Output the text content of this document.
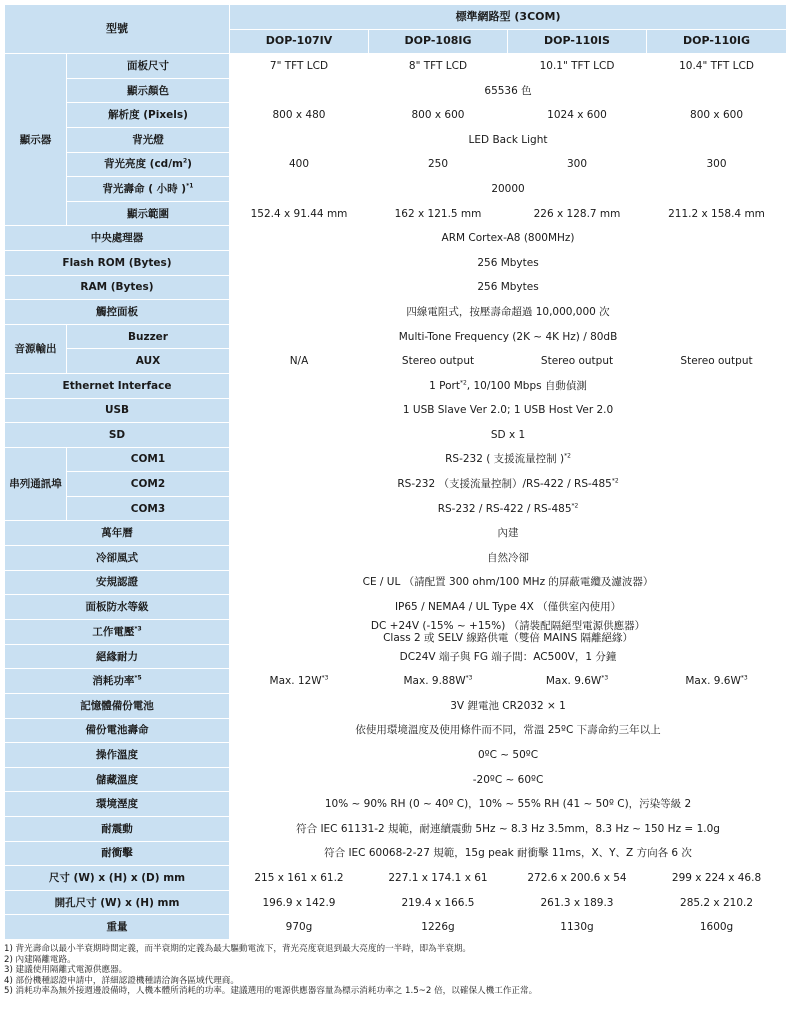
型號		標準網路型 (3COM)			
		DOP-107IV	DOP-108IG	DOP-110IS	DOP-110IG
顯示器	面板尺寸	7" TFT LCD	8" TFT LCD	10.1" TFT LCD	10.4" TFT LCD
	顯示顏色	65536 色			
	解析度 (Pixels)	800 x 480	800 x 600	1024 x 600	800 x 600
	背光燈	LED Back Light			
	背光亮度 $(cd/m^2)$	400	250	300	300
	背光壽命 ( 小時 )$^{*1}$	20000			
	顯示範圍	152.4 x 91.44 mm	162 x 121.5 mm	226 x 128.7 mm	211.2 x 158.4 mm
中央處理器		ARM Cortex-A8 (800MHz)			
Flash ROM (Bytes)		256 Mbytes			
RAM (Bytes)		256 Mbytes			
觸控面板		四線電阻式，按壓壽命超過 10,000,000 次			
音源輸出	Buzzer	Multi-Tone Frequency (2K ~ 4K Hz) / 80dB			
	AUX	N/A	Stereo output	Stereo output	Stereo output
Ethernet Interface		1 Port$^{*2}$, 10/100 Mbps 自動偵測			
USB		1 USB Slave Ver 2.0; 1 USB Host Ver 2.0			
SD		SD x 1			
串列通訊埠	COM1	RS-232 ( 支援流量控制 )$^{*2}$
	COM2	RS-232 （支援流量控制）/RS-422 / RS-485$^{*2}$
	COM3	RS-232 / RS-422 / RS-485$^{*2}$
萬年曆		內建			
冷卻風式		自然冷卻			
安規認證		CE / UL （請配置 300 ohm/100 MHz 的屏蔽電纜及濾波器）			
面板防水等級		IP65 / NEMA4 / UL Type 4X （僅供室內使用）			
工作電壓$^{*3}$		DC +24V (-15% ~ +15%) （請裝配隔絕型電源供應器）
Class 2 或 SELV 線路供電（雙倍 MAINS 隔離絕緣）			

絕緣耐力		DC24V 端子與 FG 端子間：AC500V，1 分鐘			
消耗功率$^{*5}$		Max. $12W^{*3}$	Max. $9.88W^{*3}$	Max. $9.6W^{*3}$	Max. $9.6W^{*3}$
記憶體備份電池		3V 鋰電池 CR2032 × 1			
備份電池壽命		依使用環境溫度及使用條件而不同，常溫 25ºC 下壽命約三年以上			
操作溫度		0ºC ~ 50ºC			
儲藏溫度		-20ºC ~ 60ºC			
環境溼度		10% ~ 90% RH (0 ~ 40º C)，10% ~ 55% RH (41 ~ 50º C)，污染等級 2			
耐震動		符合 IEC 61131-2 規範，耐連續震動 5Hz ~ 8.3 Hz 3.5mm，8.3 Hz ~ 150 Hz = 1.0g			
耐衝擊		符合 IEC 60068-2-27 規範，15g peak 耐衝擊 11ms，X、Y、Z 方向各 6 次			
尺寸 (W) x (H) x (D) mm		215 x 161 x 61.2	227.1 x 174.1 x 61	272.6 x 200.6 x 54	299 x 224 x 46.8
開孔尺寸 (W) x (H) mm		196.9 x 142.9	219.4 x 166.5	261.3 x 189.3	285.2 x 210.2
重量		970g	1226g	1130g	1600g
1) 背光壽命以最小半衰期時間定義，而半衰期的定義為最大驅動電流下，背光亮度衰退到最大亮度的一半時，即為半衰期。
2) 內建隔離電路。
3) 建議使用隔離式電源供應器。
4) 部份機種認證申請中，詳細認證機種請洽詢各區域代理商。
5) 消耗功率為無外接週邊設備時，人機本體所消耗的功率。建議選用的電源供應器容量為標示消耗功率之 1.5~2 倍，以確保人機工作正常。
